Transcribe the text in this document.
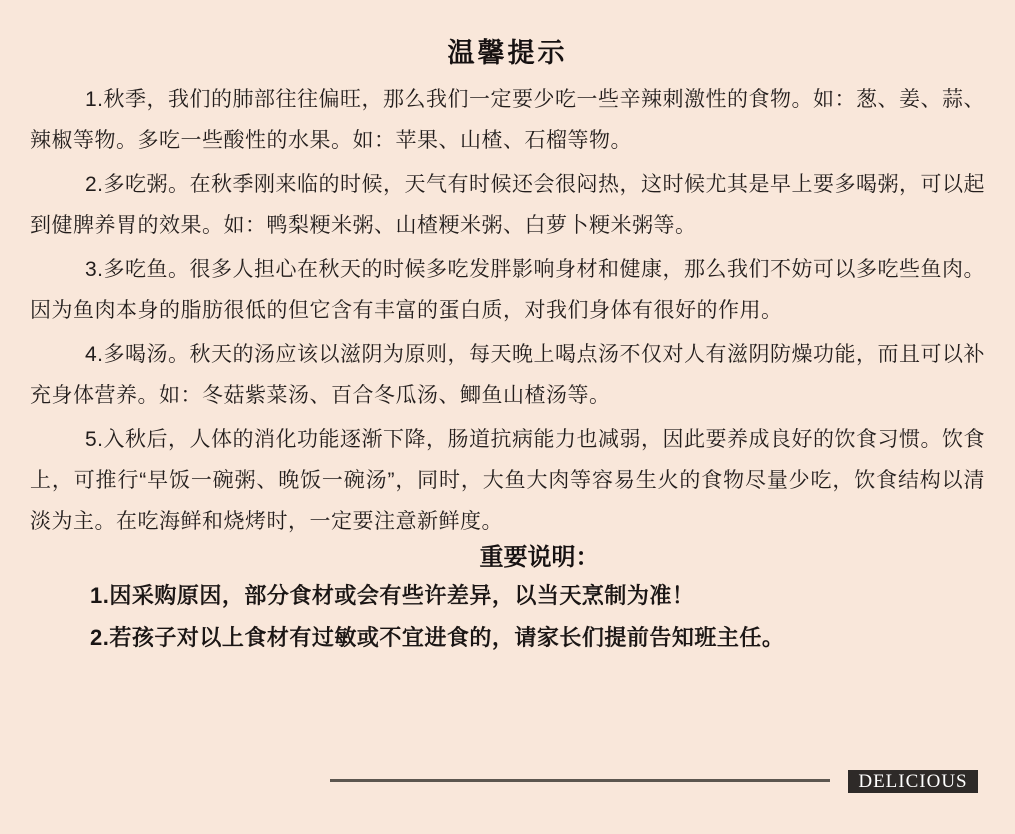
温馨提示

1.秋季，我们的肺部往往偏旺，那么我们一定要少吃一些辛辣刺激性的食物。如：葱、姜、蒜、辣椒等物。多吃一些酸性的水果。如：苹果、山楂、石榴等物。

2.多吃粥。在秋季刚来临的时候，天气有时候还会很闷热，这时候尤其是早上要多喝粥，可以起到健脾养胃的效果。如：鸭梨粳米粥、山楂粳米粥、白萝卜粳米粥等。

3.多吃鱼。很多人担心在秋天的时候多吃发胖影响身材和健康，那么我们不妨可以多吃些鱼肉。因为鱼肉本身的脂肪很低的但它含有丰富的蛋白质，对我们身体有很好的作用。

4.多喝汤。秋天的汤应该以滋阴为原则，每天晚上喝点汤不仅对人有滋阴防燥功能，而且可以补充身体营养。如：冬菇紫菜汤、百合冬瓜汤、鲫鱼山楂汤等。

5.入秋后，人体的消化功能逐渐下降，肠道抗病能力也减弱，因此要养成良好的饮食习惯。饮食上，可推行“早饭一碗粥、晚饭一碗汤”，同时，大鱼大肉等容易生火的食物尽量少吃，饮食结构以清淡为主。在吃海鲜和烧烤时，一定要注意新鲜度。

重要说明：

1.因采购原因，部分食材或会有些许差异，以当天烹制为准！

2.若孩子对以上食材有过敏或不宜进食的，请家长们提前告知班主任。

DELICIOUS
